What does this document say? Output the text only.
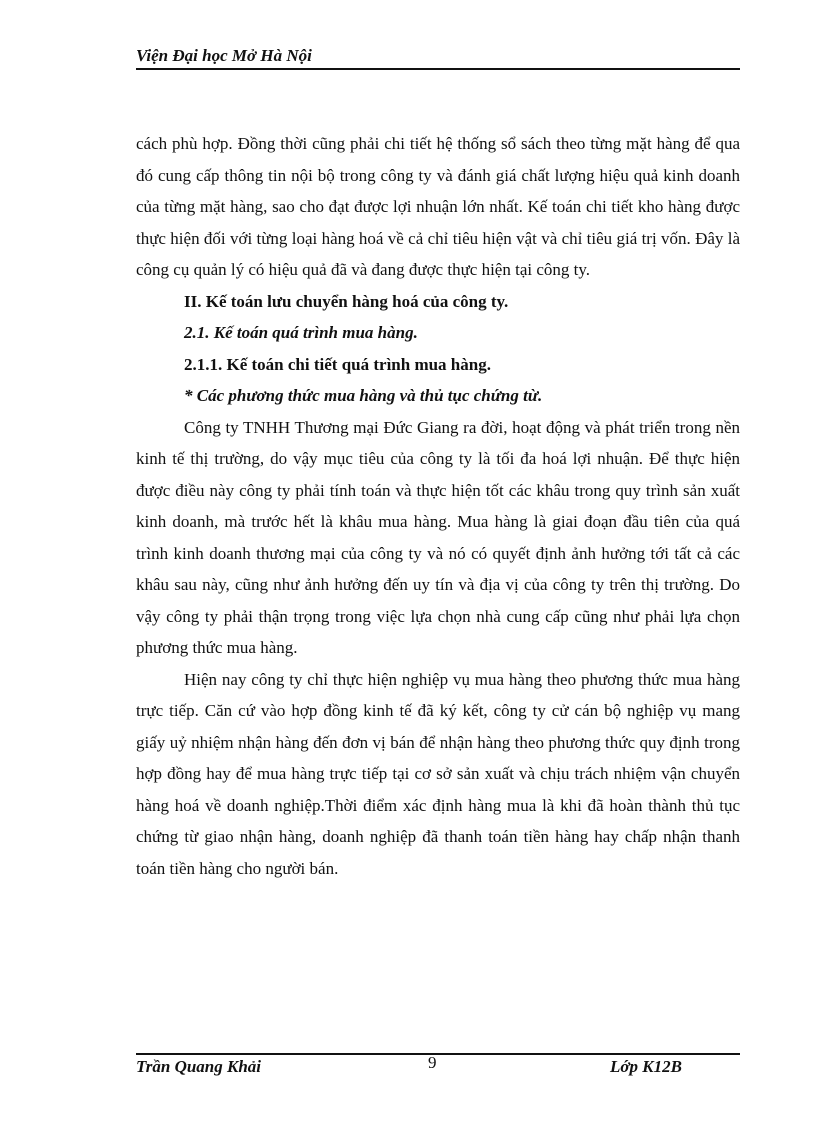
Viện Đại học Mở Hà Nội

cách phù hợp. Đồng thời cũng phải chi tiết hệ thống sổ sách theo từng mặt hàng để qua đó cung cấp thông tin nội bộ trong công ty và đánh giá chất lượng hiệu quả kinh doanh của từng mặt hàng, sao cho đạt được lợi nhuận lớn nhất. Kế toán chi tiết kho hàng được thực hiện đối với từng loại hàng hoá về cả chỉ tiêu hiện vật và chỉ tiêu giá trị vốn. Đây là công cụ quản lý có hiệu quả đã và đang được thực hiện tại công ty.

II. Kế toán lưu chuyển hàng hoá của công ty.

2.1. Kế toán quá trình mua hàng.

2.1.1. Kế toán chi tiết quá trình mua hàng.

* Các phương thức mua hàng và thủ tục chứng từ.

Công ty TNHH Thương mại Đức Giang ra đời, hoạt động và phát triển trong nền kinh tế thị trường, do vậy mục tiêu của công ty là tối đa hoá lợi nhuận. Để thực hiện được điều này công ty phải tính toán và thực hiện tốt các khâu trong quy trình sản xuất kinh doanh, mà trước hết là khâu mua hàng. Mua hàng là giai đoạn đầu tiên của quá trình kinh doanh thương mại của công ty và nó có quyết định ảnh hưởng tới tất cả các khâu sau này, cũng như ảnh hưởng đến uy tín và địa vị của công ty trên thị trường. Do vậy công ty phải thận trọng trong việc lựa chọn nhà cung cấp cũng như phải lựa chọn phương thức mua hàng.

Hiện nay công ty chỉ thực hiện nghiệp vụ mua hàng theo phương thức mua hàng trực tiếp. Căn cứ vào hợp đồng kinh tế đã ký kết, công ty cử cán bộ nghiệp vụ mang giấy uỷ nhiệm nhận hàng đến đơn vị bán để nhận hàng theo phương thức quy định trong hợp đồng hay để mua hàng trực tiếp tại cơ sở sản xuất và chịu trách nhiệm vận chuyển hàng hoá về doanh nghiệp.Thời điểm xác định hàng mua là khi đã hoàn thành thủ tục chứng từ giao nhận hàng, doanh nghiệp đã thanh toán tiền hàng hay chấp nhận thanh toán tiền hàng cho người bán.

Trần Quang Khải	9	Lớp K12B
